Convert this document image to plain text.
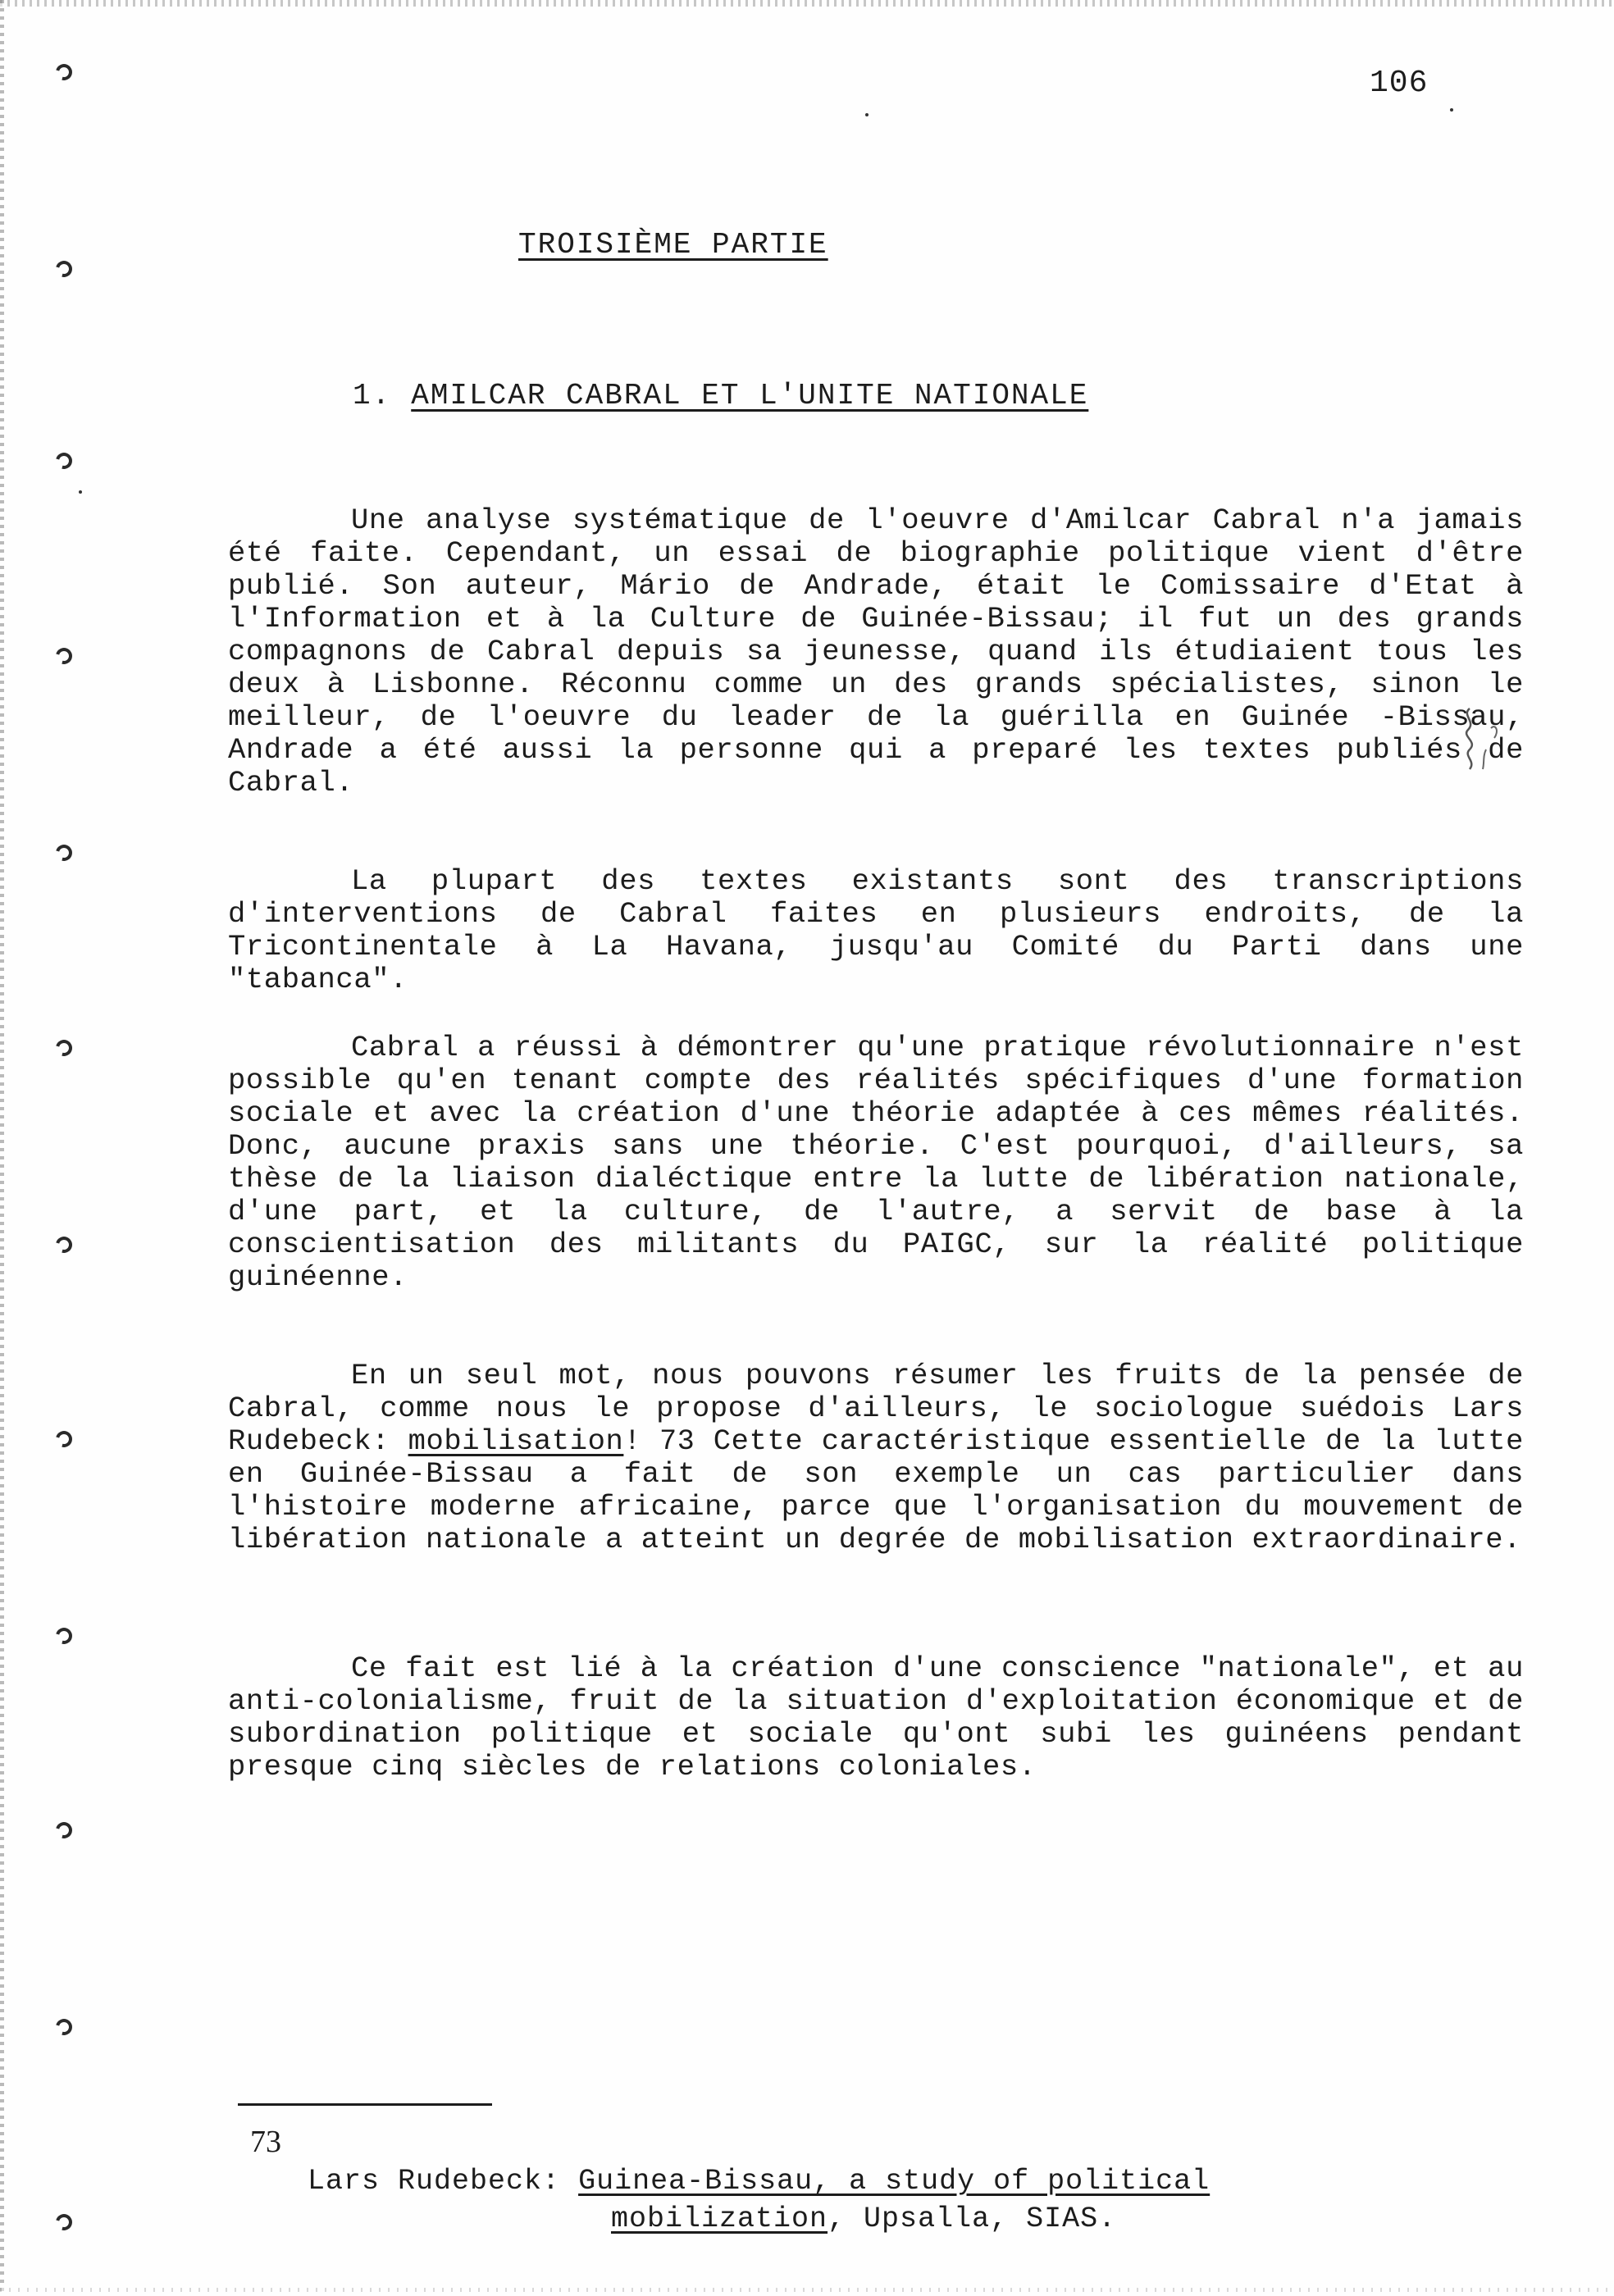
106
TROISIÈME PARTIE
1. AMILCAR CABRAL ET L'UNITE NATIONALE

Une analyse systématique de l'oeuvre d'Amilcar Cabral n'a jamais été faite. Cependant, un essai de biographie politique vient d'être publié. Son auteur, Mário de Andrade, était le Comissaire d'Etat à l'Information et à la Culture de Guinée-Bissau; il fut un des grands compagnons de Cabral depuis sa jeunesse, quand ils étudiaient tous les deux à Lisbonne. Réconnu comme un des grands spécialistes, sinon le meilleur, de l'oeuvre du leader de la guérilla en Guinée -Bissau, Andrade a été aussi la personne qui a preparé les textes publiés de Cabral.

La plupart des textes existants sont des transcriptions d'interventions de Cabral faites en plusieurs endroits, de la Tricontinentale à La Havana, jusqu'au Comité du Parti dans une "tabanca".

Cabral a réussi à démontrer qu'une pratique révolutionnaire n'est possible qu'en tenant compte des réalités spécifiques d'une formation sociale et avec la création d'une théorie adaptée à ces mêmes réalités. Donc, aucune praxis sans une théorie. C'est pourquoi, d'ailleurs, sa thèse de la liaison dialéctique entre la lutte de libération nationale, d'une part, et la culture, de l'autre, a servit de base à la conscientisation des militants du PAIGC, sur la réalité politique guinéenne.

En un seul mot, nous pouvons résumer les fruits de la pensée de Cabral, comme nous le propose d'ailleurs, le sociologue suédois Lars Rudebeck: mobilisation! 73 Cette caractéristique essentielle de la lutte en Guinée-Bissau a fait de son exemple un cas particulier dans l'histoire moderne africaine, parce que l'organisation du mouvement de libération nationale a atteint un degrée de mobilisation extraordinaire.

Ce fait est lié à la création d'une conscience "nationale", et au anti-colonialisme, fruit de la situation d'exploitation économique et de subordination politique et sociale qu'ont subi les guinéens pendant presque cinq siècles de relations coloniales.

73
Lars Rudebeck: Guinea-Bissau, a study of political
mobilization, Upsalla, SIAS.
